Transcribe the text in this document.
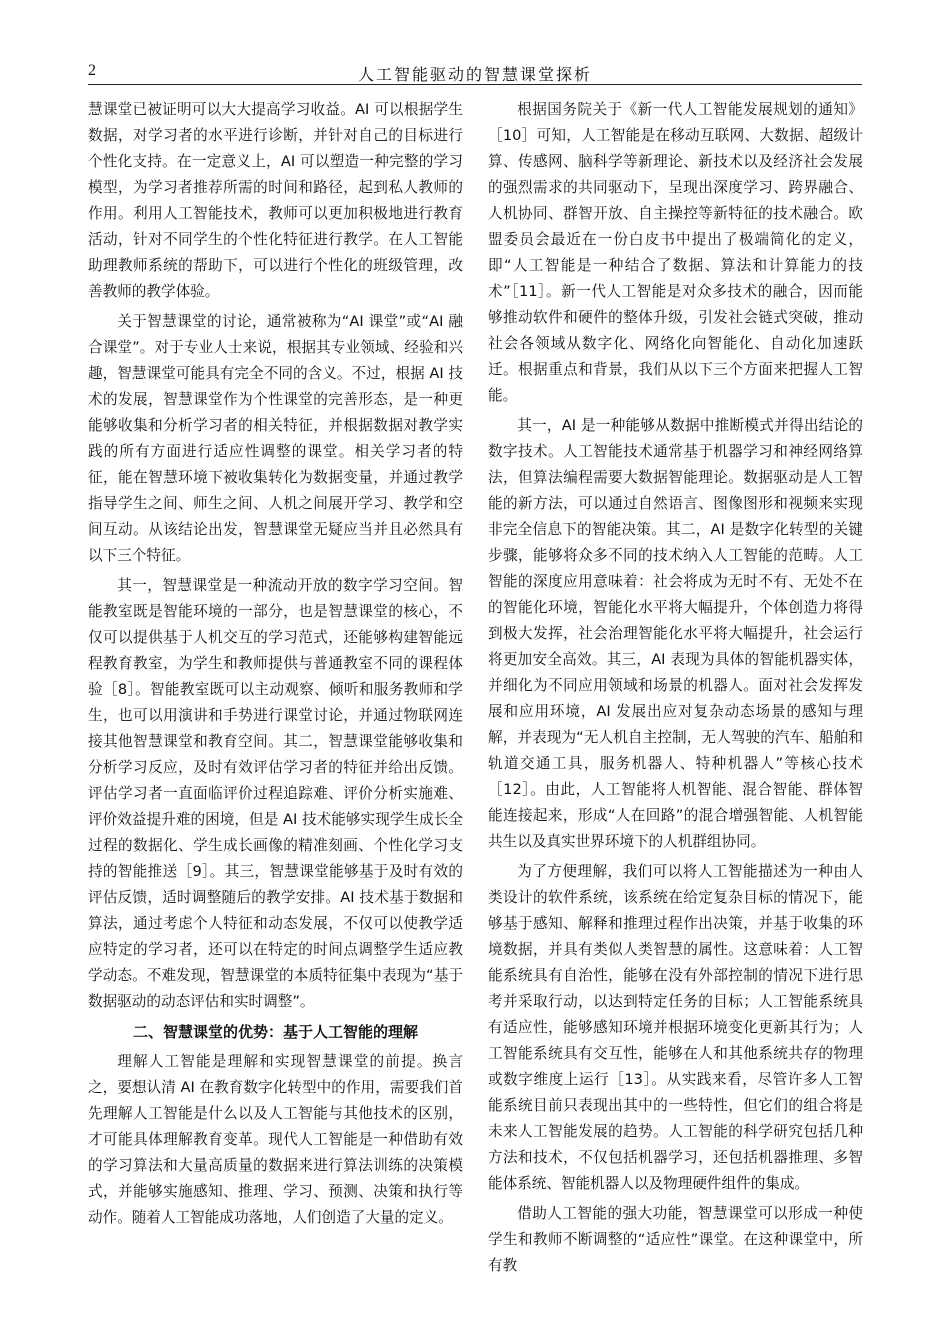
2	人工智能驱动的智慧课堂探析

慧课堂已被证明可以大大提高学习收益。AI 可以根据学生数据，对学习者的水平进行诊断，并针对自己的目标进行个性化支持。在一定意义上，AI 可以塑造一种完整的学习模型，为学习者推荐所需的时间和路径，起到私人教师的作用。利用人工智能技术，教师可以更加积极地进行教育活动，针对不同学生的个性化特征进行教学。在人工智能助理教师系统的帮助下，可以进行个性化的班级管理，改善教师的教学体验。

关于智慧课堂的讨论，通常被称为“AI 课堂”或“AI 融合课堂”。对于专业人士来说，根据其专业领域、经验和兴趣，智慧课堂可能具有完全不同的含义。不过，根据 AI 技术的发展，智慧课堂作为个性课堂的完善形态，是一种更能够收集和分析学习者的相关特征，并根据数据对教学实践的所有方面进行适应性调整的课堂。相关学习者的特征，能在智慧环境下被收集转化为数据变量，并通过教学指导学生之间、师生之间、人机之间展开学习、教学和空间互动。从该结论出发，智慧课堂无疑应当并且必然具有以下三个特征。

其一，智慧课堂是一种流动开放的数字学习空间。智能教室既是智能环境的一部分，也是智慧课堂的核心，不仅可以提供基于人机交互的学习范式，还能够构建智能远程教育教室，为学生和教师提供与普通教室不同的课程体验［8］。智能教室既可以主动观察、倾听和服务教师和学生，也可以用演讲和手势进行课堂讨论，并通过物联网连接其他智慧课堂和教育空间。其二，智慧课堂能够收集和分析学习反应，及时有效评估学习者的特征并给出反馈。评估学习者一直面临评价过程追踪难、评价分析实施难、评价效益提升难的困境，但是 AI 技术能够实现学生成长全过程的数据化、学生成长画像的精准刻画、个性化学习支持的智能推送［9］。其三，智慧课堂能够基于及时有效的评估反馈，适时调整随后的教学安排。AI 技术基于数据和算法，通过考虑个人特征和动态发展，不仅可以使教学适应特定的学习者，还可以在特定的时间点调整学生适应教学动态。不难发现，智慧课堂的本质特征集中表现为“基于数据驱动的动态评估和实时调整”。

二、智慧课堂的优势：基于人工智能的理解

理解人工智能是理解和实现智慧课堂的前提。换言之，要想认清 AI 在教育数字化转型中的作用，需要我们首先理解人工智能是什么以及人工智能与其他技术的区别，才可能具体理解教育变革。现代人工智能是一种借助有效的学习算法和大量高质量的数据来进行算法训练的决策模式，并能够实施感知、推理、学习、预测、决策和执行等动作。随着人工智能成功落地，人们创造了大量的定义。

根据国务院关于《新一代人工智能发展规划的通知》［10］可知，人工智能是在移动互联网、大数据、超级计算、传感网、脑科学等新理论、新技术以及经济社会发展的强烈需求的共同驱动下，呈现出深度学习、跨界融合、人机协同、群智开放、自主操控等新特征的技术融合。欧盟委员会最近在一份白皮书中提出了极端简化的定义，即“人工智能是一种结合了数据、算法和计算能力的技术”［11］。新一代人工智能是对众多技术的融合，因而能够推动软件和硬件的整体升级，引发社会链式突破，推动社会各领域从数字化、网络化向智能化、自动化加速跃迁。根据重点和背景，我们从以下三个方面来把握人工智能。

其一，AI 是一种能够从数据中推断模式并得出结论的数字技术。人工智能技术通常基于机器学习和神经网络算法，但算法编程需要大数据智能理论。数据驱动是人工智能的新方法，可以通过自然语言、图像图形和视频来实现非完全信息下的智能决策。其二，AI 是数字化转型的关键步骤，能够将众多不同的技术纳入人工智能的范畴。人工智能的深度应用意味着：社会将成为无时不有、无处不在的智能化环境，智能化水平将大幅提升，个体创造力将得到极大发挥，社会治理智能化水平将大幅提升，社会运行将更加安全高效。其三，AI 表现为具体的智能机器实体，并细化为不同应用领域和场景的机器人。面对社会发挥发展和应用环境，AI 发展出应对复杂动态场景的感知与理解，并表现为“无人机自主控制，无人驾驶的汽车、船舶和轨道交通工具，服务机器人、特种机器人”等核心技术［12］。由此，人工智能将人机智能、混合智能、群体智能连接起来，形成“人在回路”的混合增强智能、人机智能共生以及真实世界环境下的人机群组协同。

为了方便理解，我们可以将人工智能描述为一种由人类设计的软件系统，该系统在给定复杂目标的情况下，能够基于感知、解释和推理过程作出决策，并基于收集的环境数据，并具有类似人类智慧的属性。这意味着：人工智能系统具有自治性，能够在没有外部控制的情况下进行思考并采取行动，以达到特定任务的目标；人工智能系统具有适应性，能够感知环境并根据环境变化更新其行为；人工智能系统具有交互性，能够在人和其他系统共存的物理或数字维度上运行［13］。从实践来看，尽管许多人工智能系统目前只表现出其中的一些特性，但它们的组合将是未来人工智能发展的趋势。人工智能的科学研究包括几种方法和技术，不仅包括机器学习，还包括机器推理、多智能体系统、智能机器人以及物理硬件组件的集成。

借助人工智能的强大功能，智慧课堂可以形成一种使学生和教师不断调整的“适应性”课堂。在这种课堂中，所有教
